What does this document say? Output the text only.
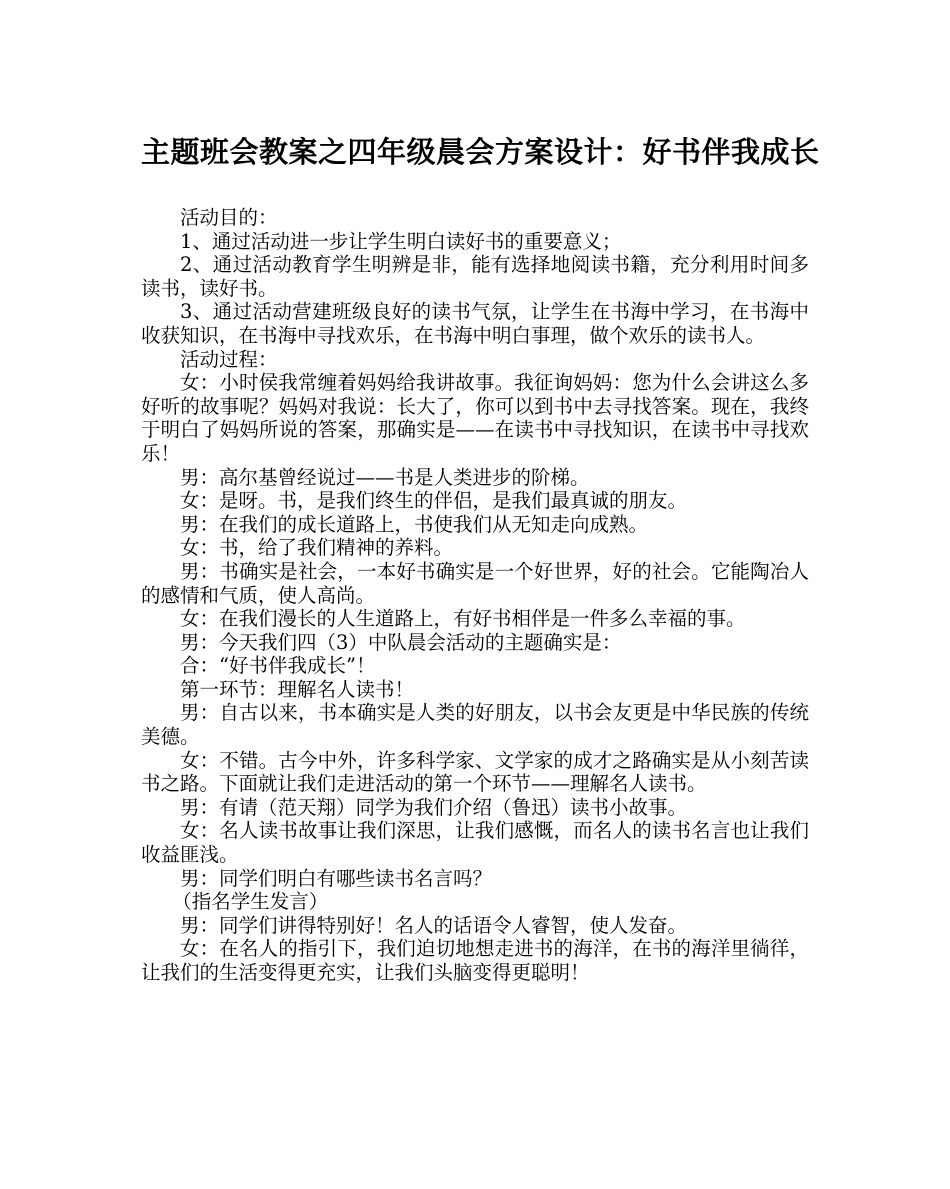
主题班会教案之四年级晨会方案设计：好书伴我成长

活动目的：

1、通过活动进一步让学生明白读好书的重要意义；

2、通过活动教育学生明辨是非，能有选择地阅读书籍，充分利用时间多读书，读好书。

3、通过活动营建班级良好的读书气氛，让学生在书海中学习，在书海中收获知识，在书海中寻找欢乐，在书海中明白事理，做个欢乐的读书人。

活动过程：

女：小时侯我常缠着妈妈给我讲故事。我征询妈妈：您为什么会讲这么多好听的故事呢？妈妈对我说：长大了，你可以到书中去寻找答案。现在，我终于明白了妈妈所说的答案，那确实是——在读书中寻找知识，在读书中寻找欢乐！

男：高尔基曾经说过——书是人类进步的阶梯。

女：是呀。书，是我们终生的伴侣，是我们最真诚的朋友。

男：在我们的成长道路上，书使我们从无知走向成熟。

女：书，给了我们精神的养料。

男：书确实是社会，一本好书确实是一个好世界，好的社会。它能陶冶人的感情和气质，使人高尚。

女：在我们漫长的人生道路上，有好书相伴是一件多么幸福的事。

男：今天我们四（3）中队晨会活动的主题确实是：

合：“好书伴我成长”！

第一环节：理解名人读书！

男：自古以来，书本确实是人类的好朋友，以书会友更是中华民族的传统美德。

女：不错。古今中外，许多科学家、文学家的成才之路确实是从小刻苦读书之路。下面就让我们走进活动的第一个环节——理解名人读书。

男：有请（范天翔）同学为我们介绍（鲁迅）读书小故事。

女：名人读书故事让我们深思，让我们感慨，而名人的读书名言也让我们收益匪浅。

男：同学们明白有哪些读书名言吗？

（指名学生发言）

男：同学们讲得特别好！名人的话语令人睿智，使人发奋。

女：在名人的指引下，我们迫切地想走进书的海洋，在书的海洋里徜徉，让我们的生活变得更充实，让我们头脑变得更聪明！
